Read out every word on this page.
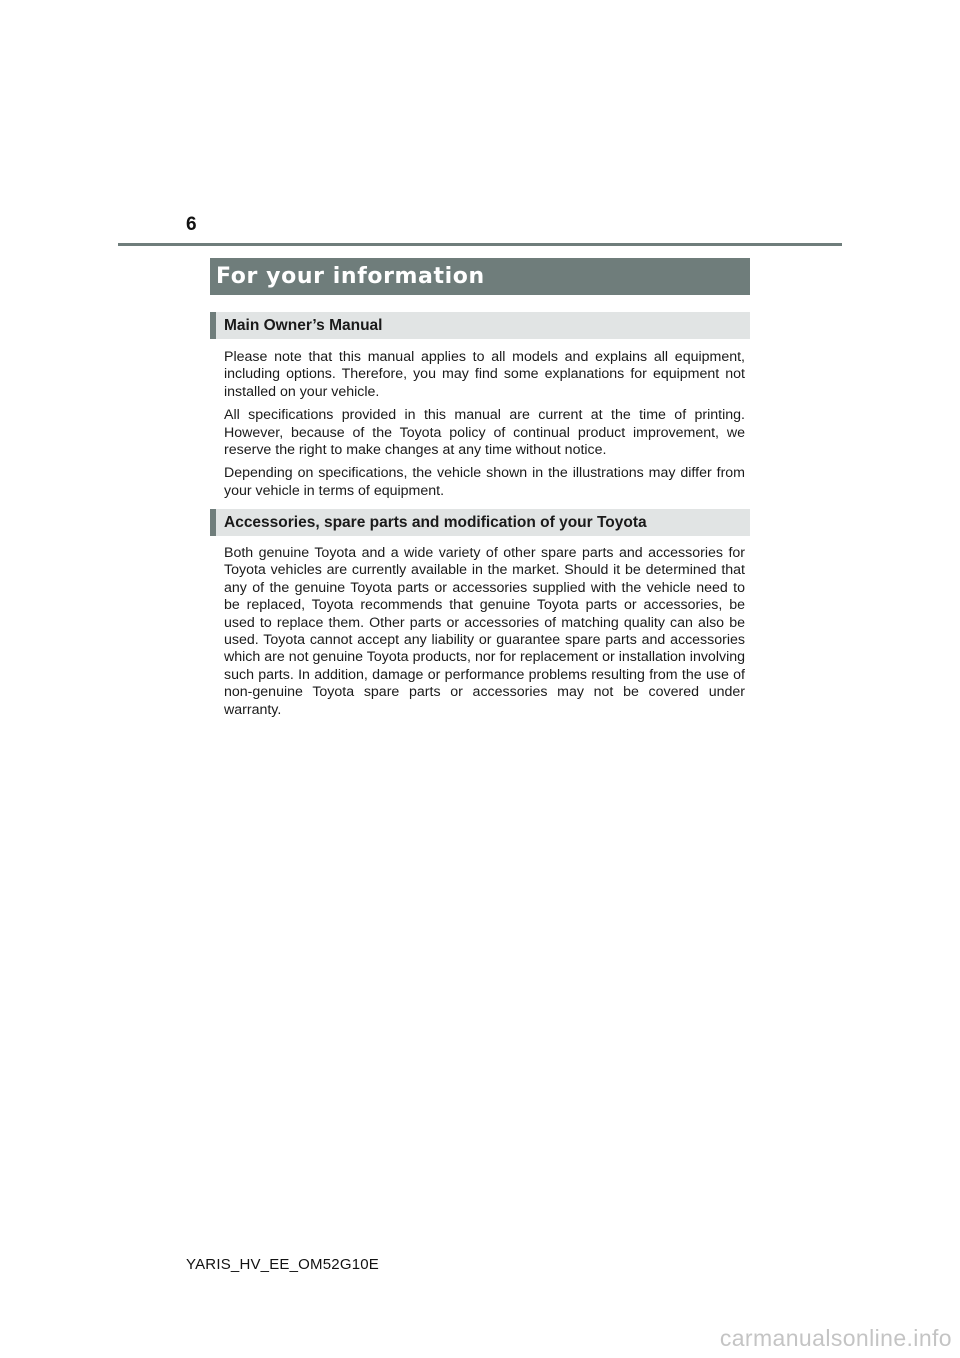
6
For your information
Main Owner’s Manual

Please note that this manual applies to all models and explains all equipment, including options. Therefore, you may find some explanations for equipment not installed on your vehicle.

All specifications provided in this manual are current at the time of printing. However, because of the Toyota policy of continual product improvement, we reserve the right to make changes at any time without notice.

Depending on specifications, the vehicle shown in the illustrations may differ from your vehicle in terms of equipment.

Accessories, spare parts and modification of your Toyota

Both genuine Toyota and a wide variety of other spare parts and accessories for Toyota vehicles are currently available in the market. Should it be determined that any of the genuine Toyota parts or accessories supplied with the vehicle need to be replaced, Toyota recommends that genuine Toyota parts or accessories, be used to replace them. Other parts or accessories of matching quality can also be used. Toyota cannot accept any liability or guarantee spare parts and accessories which are not genuine Toyota products, nor for replacement or installation involving such parts. In addition, damage or performance problems resulting from the use of non-genuine Toyota spare parts or accessories may not be covered under warranty.

YARIS_HV_EE_OM52G10E
carmanualsonline.info
